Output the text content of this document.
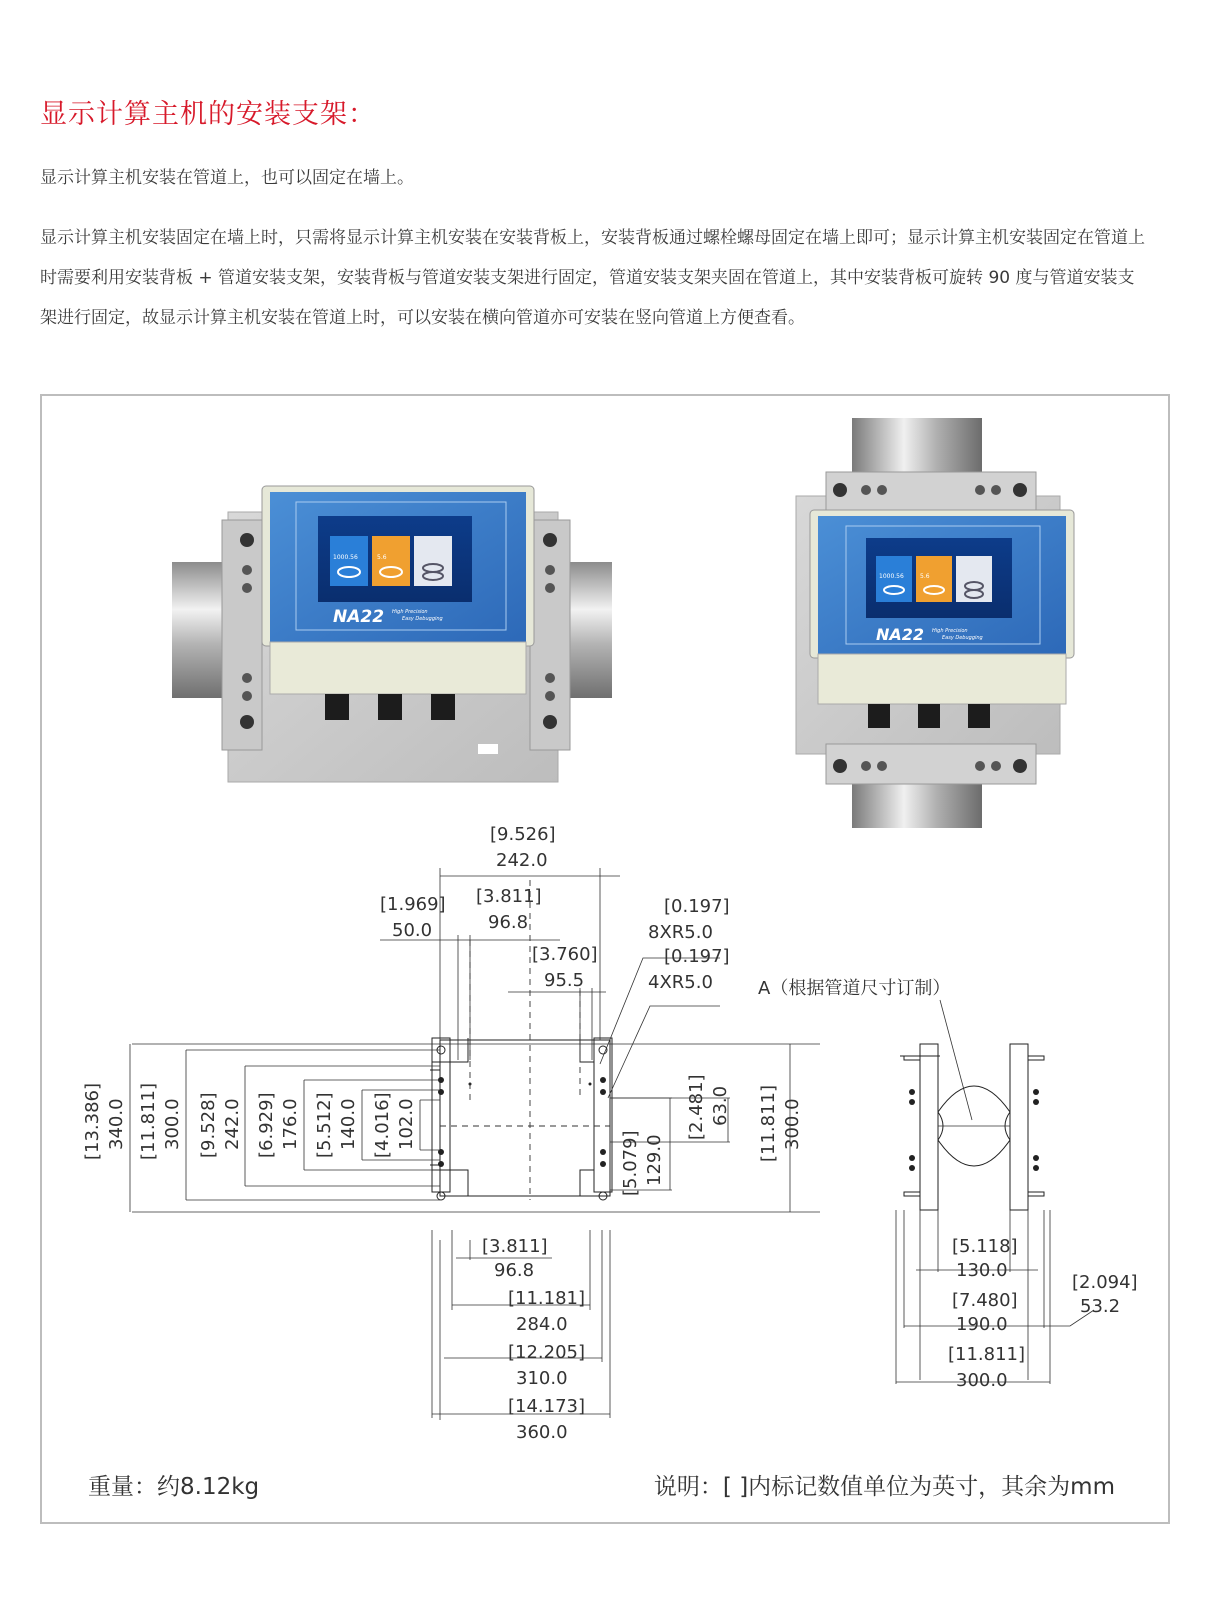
显示计算主机的安装支架：
显示计算主机安装在管道上，也可以固定在墙上。
显示计算主机安装固定在墙上时，只需将显示计算主机安装在安装背板上，安装背板通过螺栓螺母固定在墙上即可；显示计算主机安装固定在管道上时需要利用安装背板 + 管道安装支架，安装背板与管道安装支架进行固定，管道安装支架夹固在管道上，其中安装背板可旋转 90 度与管道安装支架进行固定，故显示计算主机安装在管道上时，可以安装在横向管道亦可安装在竖向管道上方便查看。
1000.56	5.6
NA22 High Precision
Easy Debugging
1000.56	5.6
NA22 High Precision
Easy Debugging
[9.526]
242.0
[1.969]
50.0
[3.811]
96.8
[3.760]
95.5
[0.197]
8XR5.0
[0.197]
4XR5.0
[13.386] 340.0 [11.811] 300.0 [9.528] 242.0 [6.929] 176.0 [5.512] 140.0 [4.016] 102.0
[5.079] 129.0
[2.481] 63.0 [11.811] 300.0
[3.811]
96.8
[11.181]
284.0
[12.205]
310.0
[14.173]
360.0
A（根据管道尺寸订制）
[5.118]
130.0
[7.480]
190.0
[2.094]
53.2
[11.811]
300.0
重量：约8.12kg	说明：[ ]内标记数值单位为英寸，其余为mm
